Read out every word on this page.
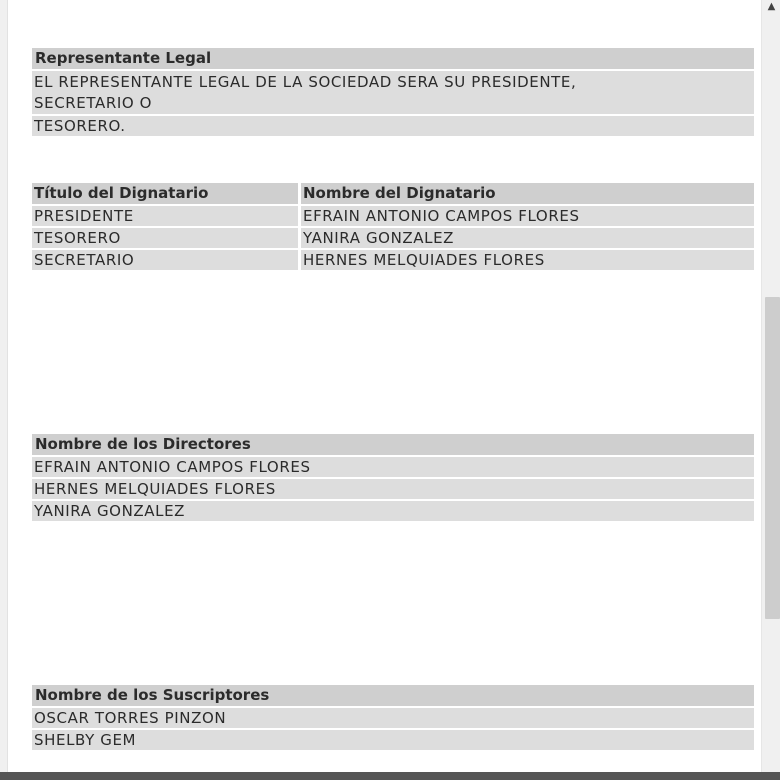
Representante Legal
EL REPRESENTANTE LEGAL DE LA SOCIEDAD SERA SU PRESIDENTE,
SECRETARIO O
TESORERO.
Título del Dignatario	Nombre del Dignatario
PRESIDENTE	EFRAIN ANTONIO CAMPOS FLORES
TESORERO	YANIRA GONZALEZ
SECRETARIO	HERNES MELQUIADES FLORES
Nombre de los Directores
EFRAIN ANTONIO CAMPOS FLORES
HERNES MELQUIADES FLORES
YANIRA GONZALEZ
Nombre de los Suscriptores
OSCAR TORRES PINZON
SHELBY GEM
▲
